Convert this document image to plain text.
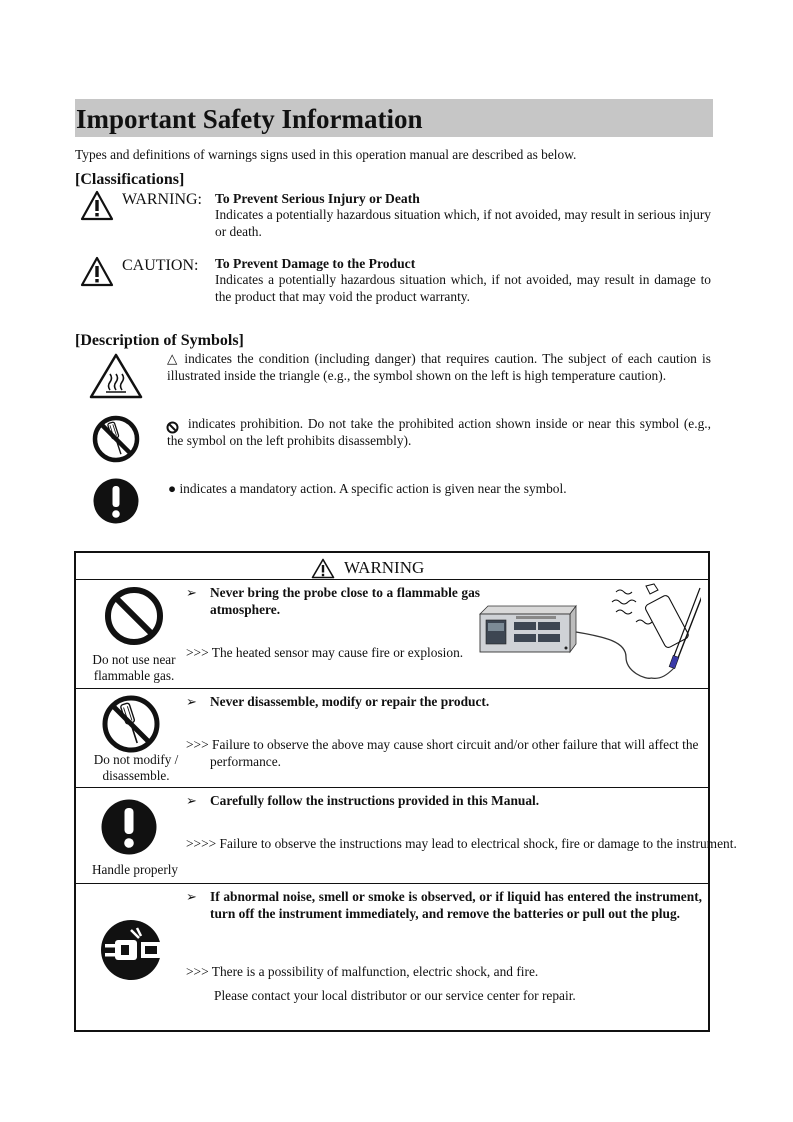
Important Safety Information
Types and definitions of warnings signs used in this operation manual are described as below.
[Classifications]
WARNING: To Prevent Serious Injury or Death
Indicates a potentially hazardous situation which, if not avoided, may result in serious injury or death.
CAUTION: To Prevent Damage to the Product
Indicates a potentially hazardous situation which, if not avoided, may result in damage to the product that may void the product warranty.
[Description of Symbols]
△ indicates the condition (including danger) that requires caution. The subject of each caution is illustrated inside the triangle (e.g., the symbol shown on the left is high temperature caution).
indicates prohibition. Do not take the prohibited action shown inside or near this symbol (e.g., the symbol on the left prohibits disassembly).
● indicates a mandatory action. A specific action is given near the symbol.
WARNING
Do not use near flammable gas.
➢ Never bring the probe close to a flammable gas atmosphere.
>>> The heated sensor may cause fire or explosion.
Do not modify / disassemble.
➢ Never disassemble, modify or repair the product.
>>> Failure to observe the above may cause short circuit and/or other failure that will affect the performance.
Handle properly
➢ Carefully follow the instructions provided in this Manual.
>>>> Failure to observe the instructions may lead to electrical shock, fire or damage to the instrument.
➢ If abnormal noise, smell or smoke is observed, or if liquid has entered the instrument, turn off the instrument immediately, and remove the batteries or pull out the plug.
>>> There is a possibility of malfunction, electric shock, and fire.
Please contact your local distributor or our service center for repair.
